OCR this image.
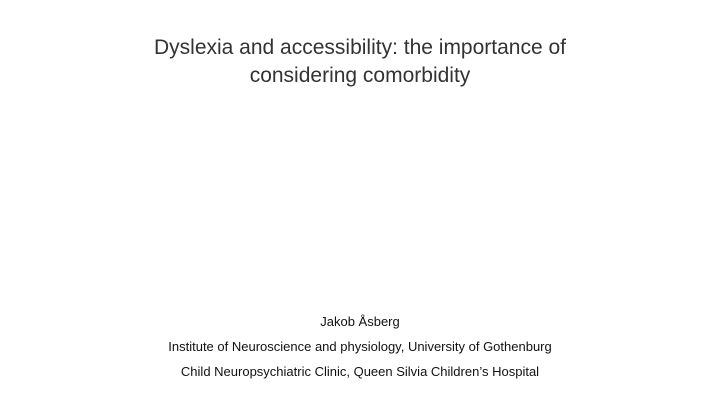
Dyslexia and accessibility: the importance of
considering comorbidity

Jakob Åsberg

Institute of Neuroscience and physiology, University of Gothenburg

Child Neuropsychiatric Clinic, Queen Silvia Children’s Hospital
